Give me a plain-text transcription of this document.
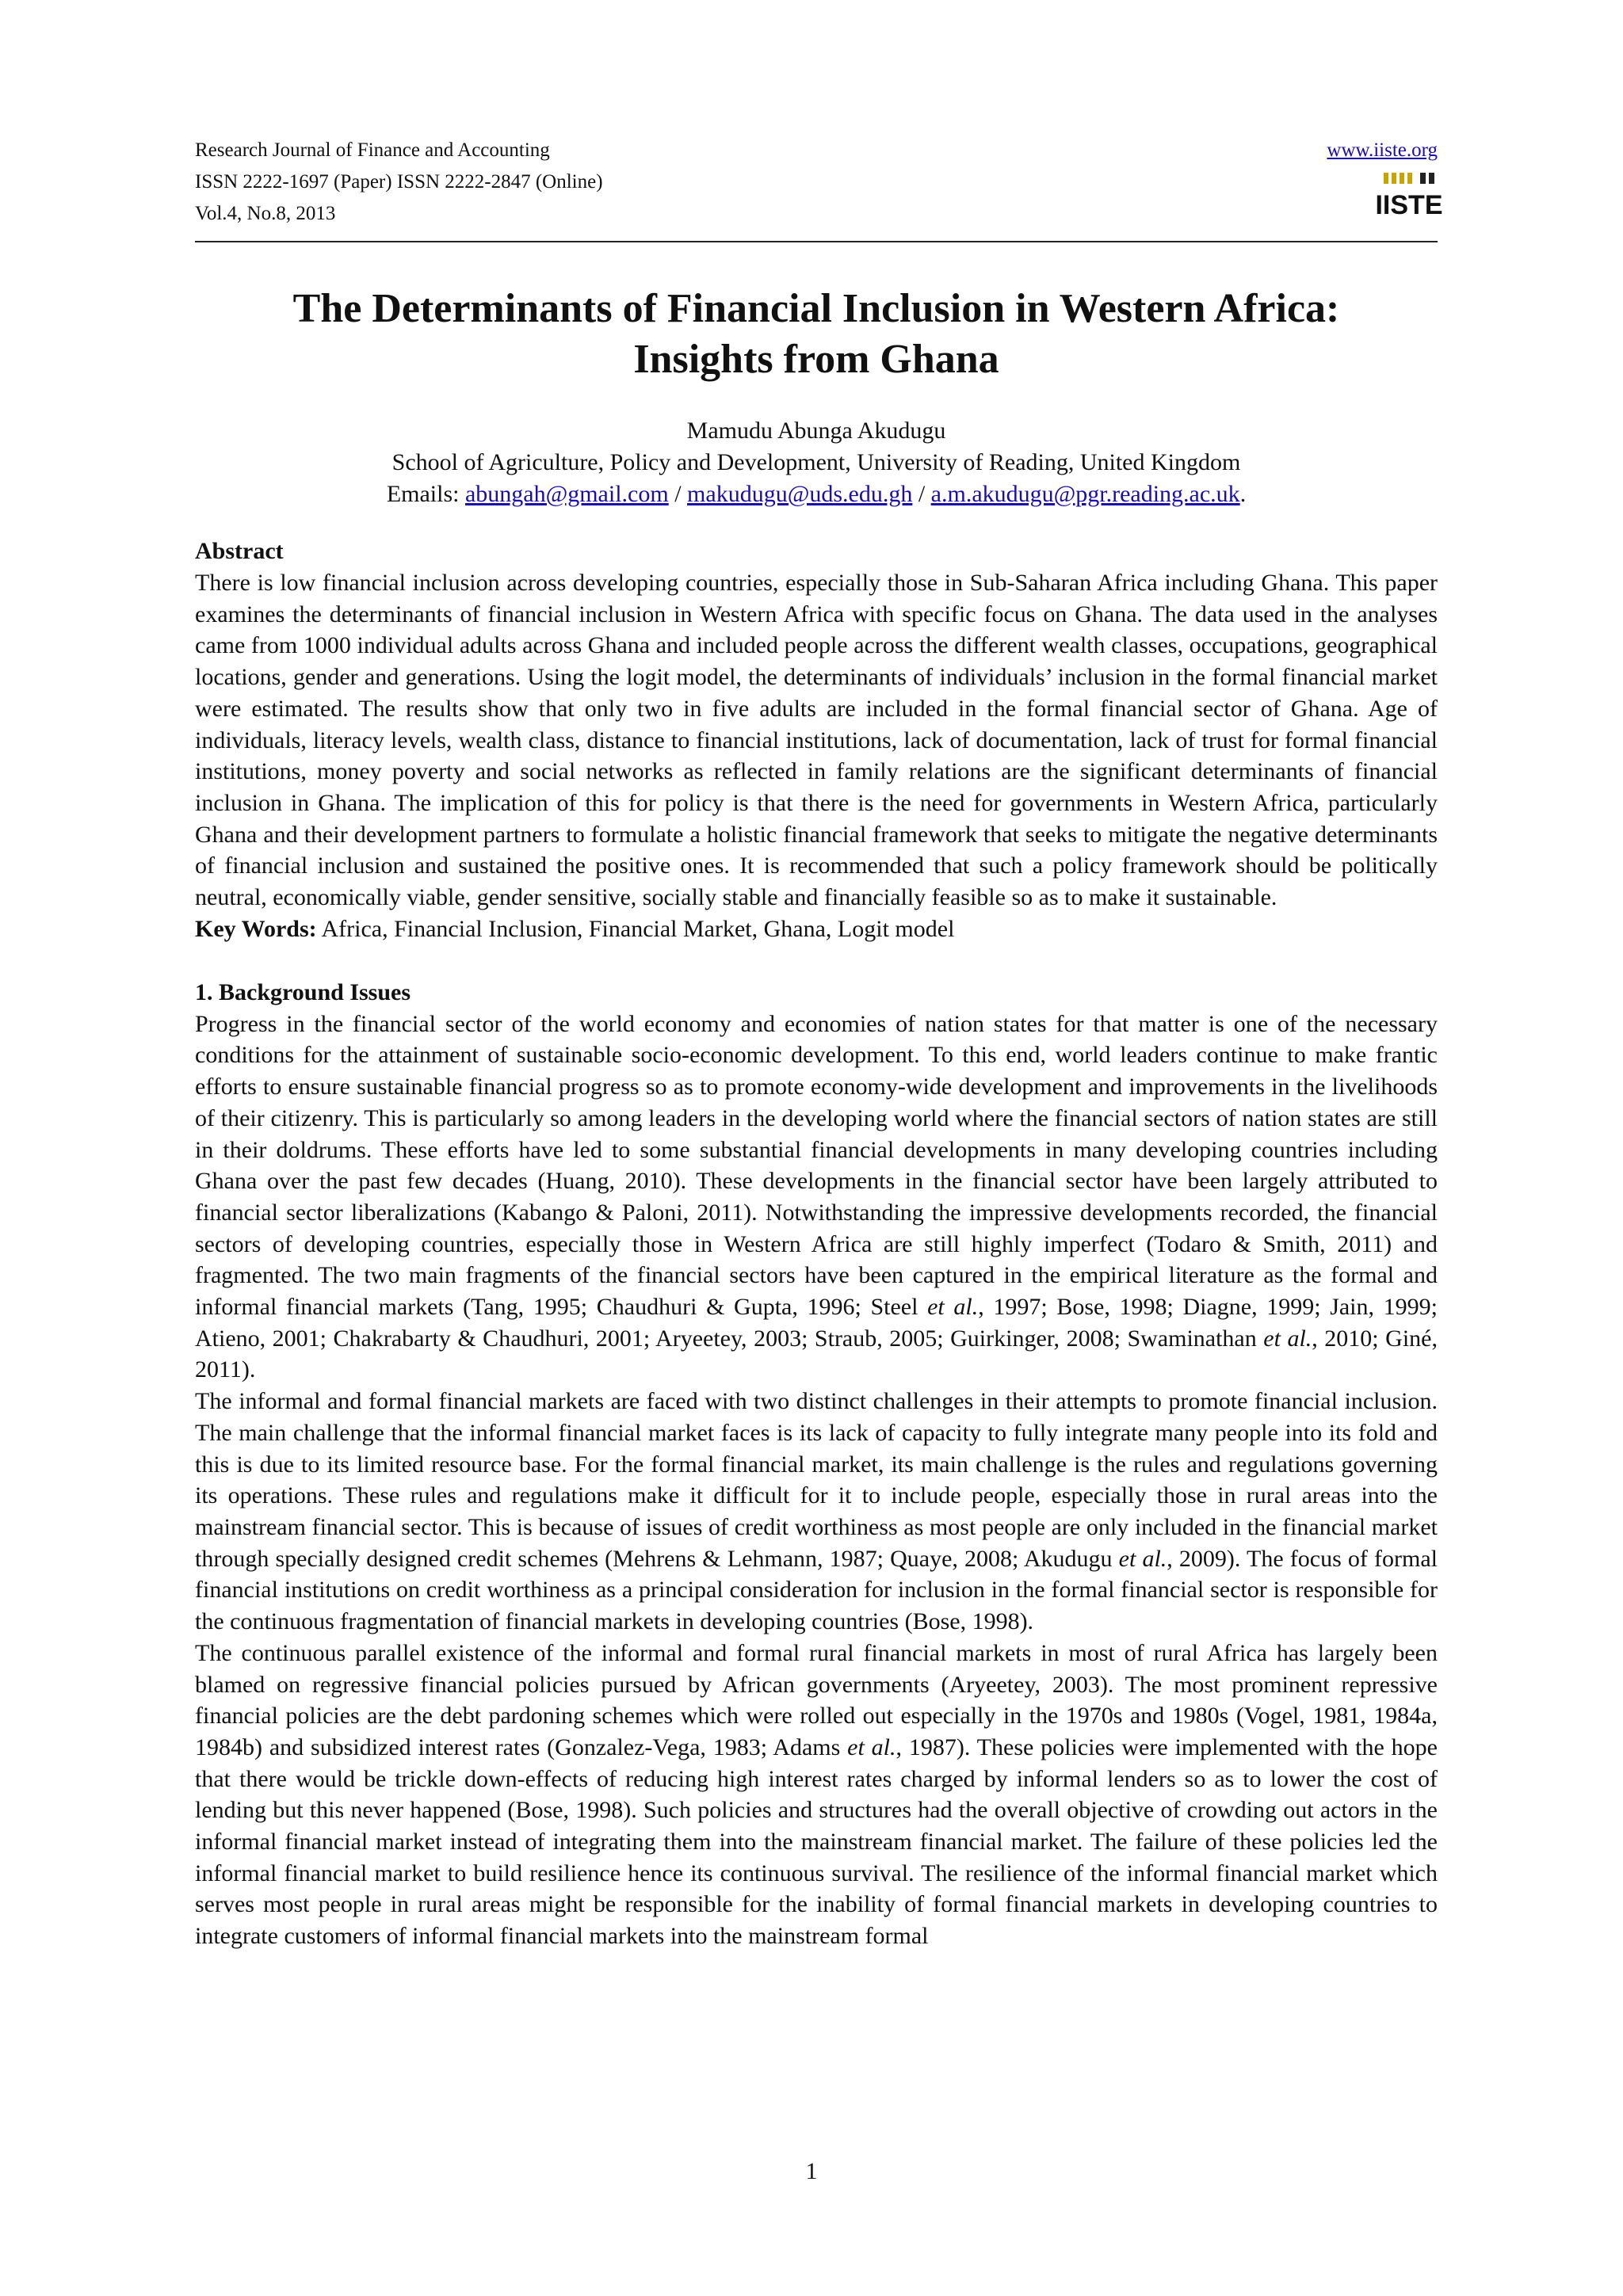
Research Journal of Finance and Accounting

ISSN 2222-1697 (Paper) ISSN 2222-2847 (Online)

Vol.4, No.8, 2013

www.iiste.org

IISTE
The Determinants of Financial Inclusion in Western Africa:
Insights from Ghana

Mamudu Abunga Akudugu

School of Agriculture, Policy and Development, University of Reading, United Kingdom

Emails: abungah@gmail.com / makudugu@uds.edu.gh / a.m.akudugu@pgr.reading.ac.uk.

Abstract

There is low financial inclusion across developing countries, especially those in Sub-Saharan Africa including Ghana. This paper examines the determinants of financial inclusion in Western Africa with specific focus on Ghana. The data used in the analyses came from 1000 individual adults across Ghana and included people across the different wealth classes, occupations, geographical locations, gender and generations. Using the logit model, the determinants of individuals’ inclusion in the formal financial market were estimated. The results show that only two in five adults are included in the formal financial sector of Ghana. Age of individuals, literacy levels, wealth class, distance to financial institutions, lack of documentation, lack of trust for formal financial institutions, money poverty and social networks as reflected in family relations are the significant determinants of financial inclusion in Ghana. The implication of this for policy is that there is the need for governments in Western Africa, particularly Ghana and their development partners to formulate a holistic financial framework that seeks to mitigate the negative determinants of financial inclusion and sustained the positive ones. It is recommended that such a policy framework should be politically neutral, economically viable, gender sensitive, socially stable and financially feasible so as to make it sustainable.

Key Words: Africa, Financial Inclusion, Financial Market, Ghana, Logit model

1. Background Issues

Progress in the financial sector of the world economy and economies of nation states for that matter is one of the necessary conditions for the attainment of sustainable socio-economic development. To this end, world leaders continue to make frantic efforts to ensure sustainable financial progress so as to promote economy-wide development and improvements in the livelihoods of their citizenry. This is particularly so among leaders in the developing world where the financial sectors of nation states are still in their doldrums. These efforts have led to some substantial financial developments in many developing countries including Ghana over the past few decades (Huang, 2010). These developments in the financial sector have been largely attributed to financial sector liberalizations (Kabango & Paloni, 2011). Notwithstanding the impressive developments recorded, the financial sectors of developing countries, especially those in Western Africa are still highly imperfect (Todaro & Smith, 2011) and fragmented. The two main fragments of the financial sectors have been captured in the empirical literature as the formal and informal financial markets (Tang, 1995; Chaudhuri & Gupta, 1996; Steel et al., 1997; Bose, 1998; Diagne, 1999; Jain, 1999; Atieno, 2001; Chakrabarty & Chaudhuri, 2001; Aryeetey, 2003; Straub, 2005; Guirkinger, 2008; Swaminathan et al., 2010; Giné, 2011).

The informal and formal financial markets are faced with two distinct challenges in their attempts to promote financial inclusion. The main challenge that the informal financial market faces is its lack of capacity to fully integrate many people into its fold and this is due to its limited resource base. For the formal financial market, its main challenge is the rules and regulations governing its operations. These rules and regulations make it difficult for it to include people, especially those in rural areas into the mainstream financial sector. This is because of issues of credit worthiness as most people are only included in the financial market through specially designed credit schemes (Mehrens & Lehmann, 1987; Quaye, 2008; Akudugu et al., 2009). The focus of formal financial institutions on credit worthiness as a principal consideration for inclusion in the formal financial sector is responsible for the continuous fragmentation of financial markets in developing countries (Bose, 1998).

The continuous parallel existence of the informal and formal rural financial markets in most of rural Africa has largely been blamed on regressive financial policies pursued by African governments (Aryeetey, 2003). The most prominent repressive financial policies are the debt pardoning schemes which were rolled out especially in the 1970s and 1980s (Vogel, 1981, 1984a, 1984b) and subsidized interest rates (Gonzalez-Vega, 1983; Adams et al., 1987). These policies were implemented with the hope that there would be trickle down-effects of reducing high interest rates charged by informal lenders so as to lower the cost of lending but this never happened (Bose, 1998). Such policies and structures had the overall objective of crowding out actors in the informal financial market instead of integrating them into the mainstream financial market. The failure of these policies led the informal financial market to build resilience hence its continuous survival. The resilience of the informal financial market which serves most people in rural areas might be responsible for the inability of formal financial markets in developing countries to integrate customers of informal financial markets into the mainstream formal

1
